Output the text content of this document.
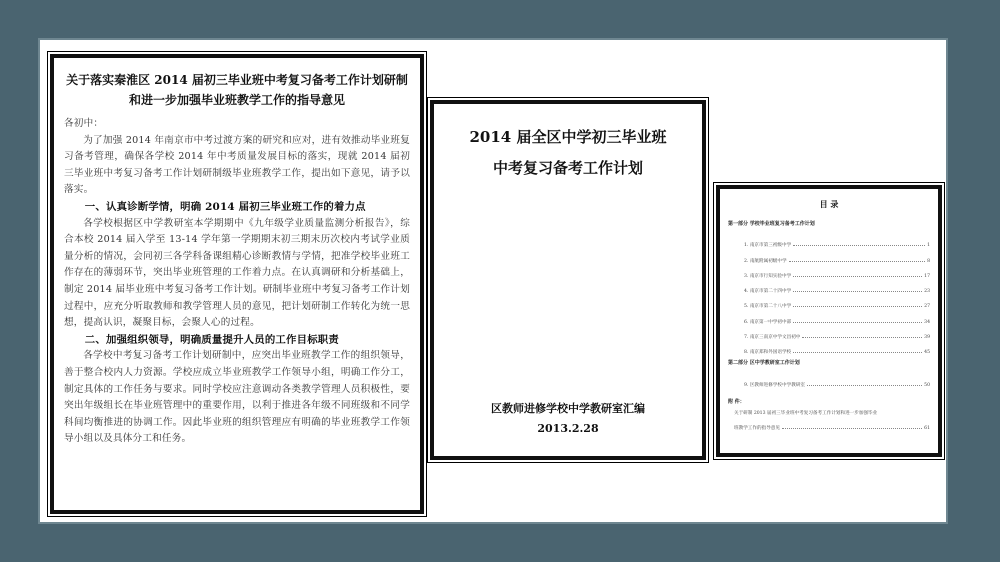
关于落实秦淮区 2014 届初三毕业班中考复习备考工作计划研制
和进一步加强毕业班教学工作的指导意见

各初中：

为了加强 2014 年南京市中考过渡方案的研究和应对，进有效推动毕业班复习备考管理，确保各学校 2014 年中考质量发展目标的落实，现就 2014 届初三毕业班中考复习备考工作计划研制级毕业班教学工作，提出如下意见，请予以落实。

一、认真诊断学情，明确 2014 届初三毕业班工作的着力点

各学校根据区中学教研室本学期期中《九年级学业质量监测分析报告》，综合本校 2014 届入学至 13-14 学年第一学期期末初三期末历次校内考试学业质量分析的情况，会同初三各学科备课组精心诊断教情与学情，把准学校毕业班工作存在的薄弱环节，突出毕业班管理的工作着力点。在认真调研和分析基础上，制定 2014 届毕业班中考复习备考工作计划。研制毕业班中考复习备考工作计划过程中，应充分听取教师和教学管理人员的意见，把计划研制工作转化为统一思想，提高认识，凝聚目标，会聚人心的过程。

二、加强组织领导，明确质量提升人员的工作目标职责

各学校中考复习备考工作计划研制中，应突出毕业班教学工作的组织领导，善于整合校内人力资源。学校应成立毕业班教学工作领导小组，明确工作分工，制定具体的工作任务与要求。同时学校应注意调动各类教学管理人员积极性，要突出年级组长在毕业班管理中的重要作用，以利于推进各年级不同班级和不同学科间均衡推进的协调工作。因此毕业班的组织管理应有明确的毕业班教学工作领导小组以及具体分工和任务。

2014 届全区中学初三毕业班
中考复习备考工作计划
区教师进修学校中学教研室汇编
2013.2.28
目 录
第一部分 学校毕业班复习备考工作计划
1. 南京市第三初级中学	1
2. 南航附属初级中学	8
3. 南京市行知实验中学	17
4. 南京市第二十四中学	23
5. 南京市第二十八中学	27
6. 南京第一中学初中部	34
7. 南京三南京中学文昌初中	39
8. 南京郑和外国语学校	45
第二部分 区中学教研室工作计划
9. 区教师进修学校中学教研室	50
附 件：
关于研制 2013 届初三毕业班中考复习备考工作计划和进一步加强毕业
班教学工作的指导意见	61
